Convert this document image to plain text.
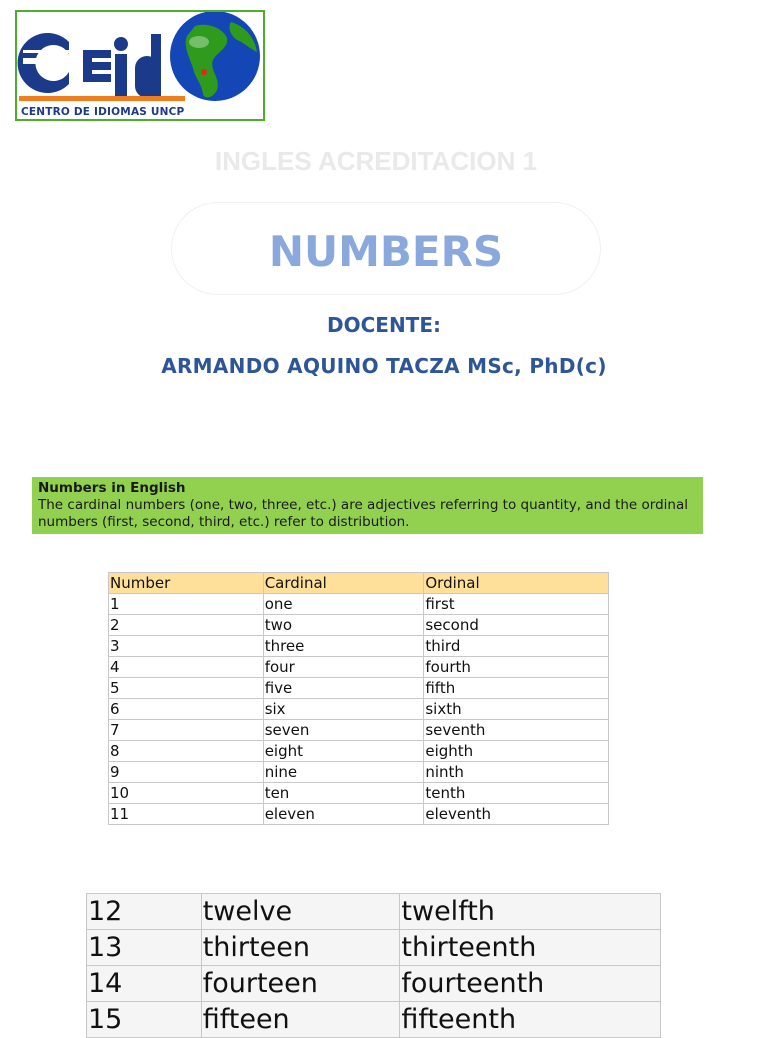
CENTRO DE IDIOMAS UNCP
INGLES ACREDITACION 1
NUMBERS
DOCENTE:
ARMANDO AQUINO TACZA MSc, PhD(c)
Numbers in English
The cardinal numbers (one, two, three, etc.) are adjectives referring to quantity, and the ordinal numbers (first, second, third, etc.) refer to distribution.
Number	Cardinal	Ordinal
1	one	first
2	two	second
3	three	third
4	four	fourth
5	five	fifth
6	six	sixth
7	seven	seventh
8	eight	eighth
9	nine	ninth
10	ten	tenth
11	eleven	eleventh
12	twelve	twelfth
13	thirteen	thirteenth
14	fourteen	fourteenth
15	fifteen	fifteenth
